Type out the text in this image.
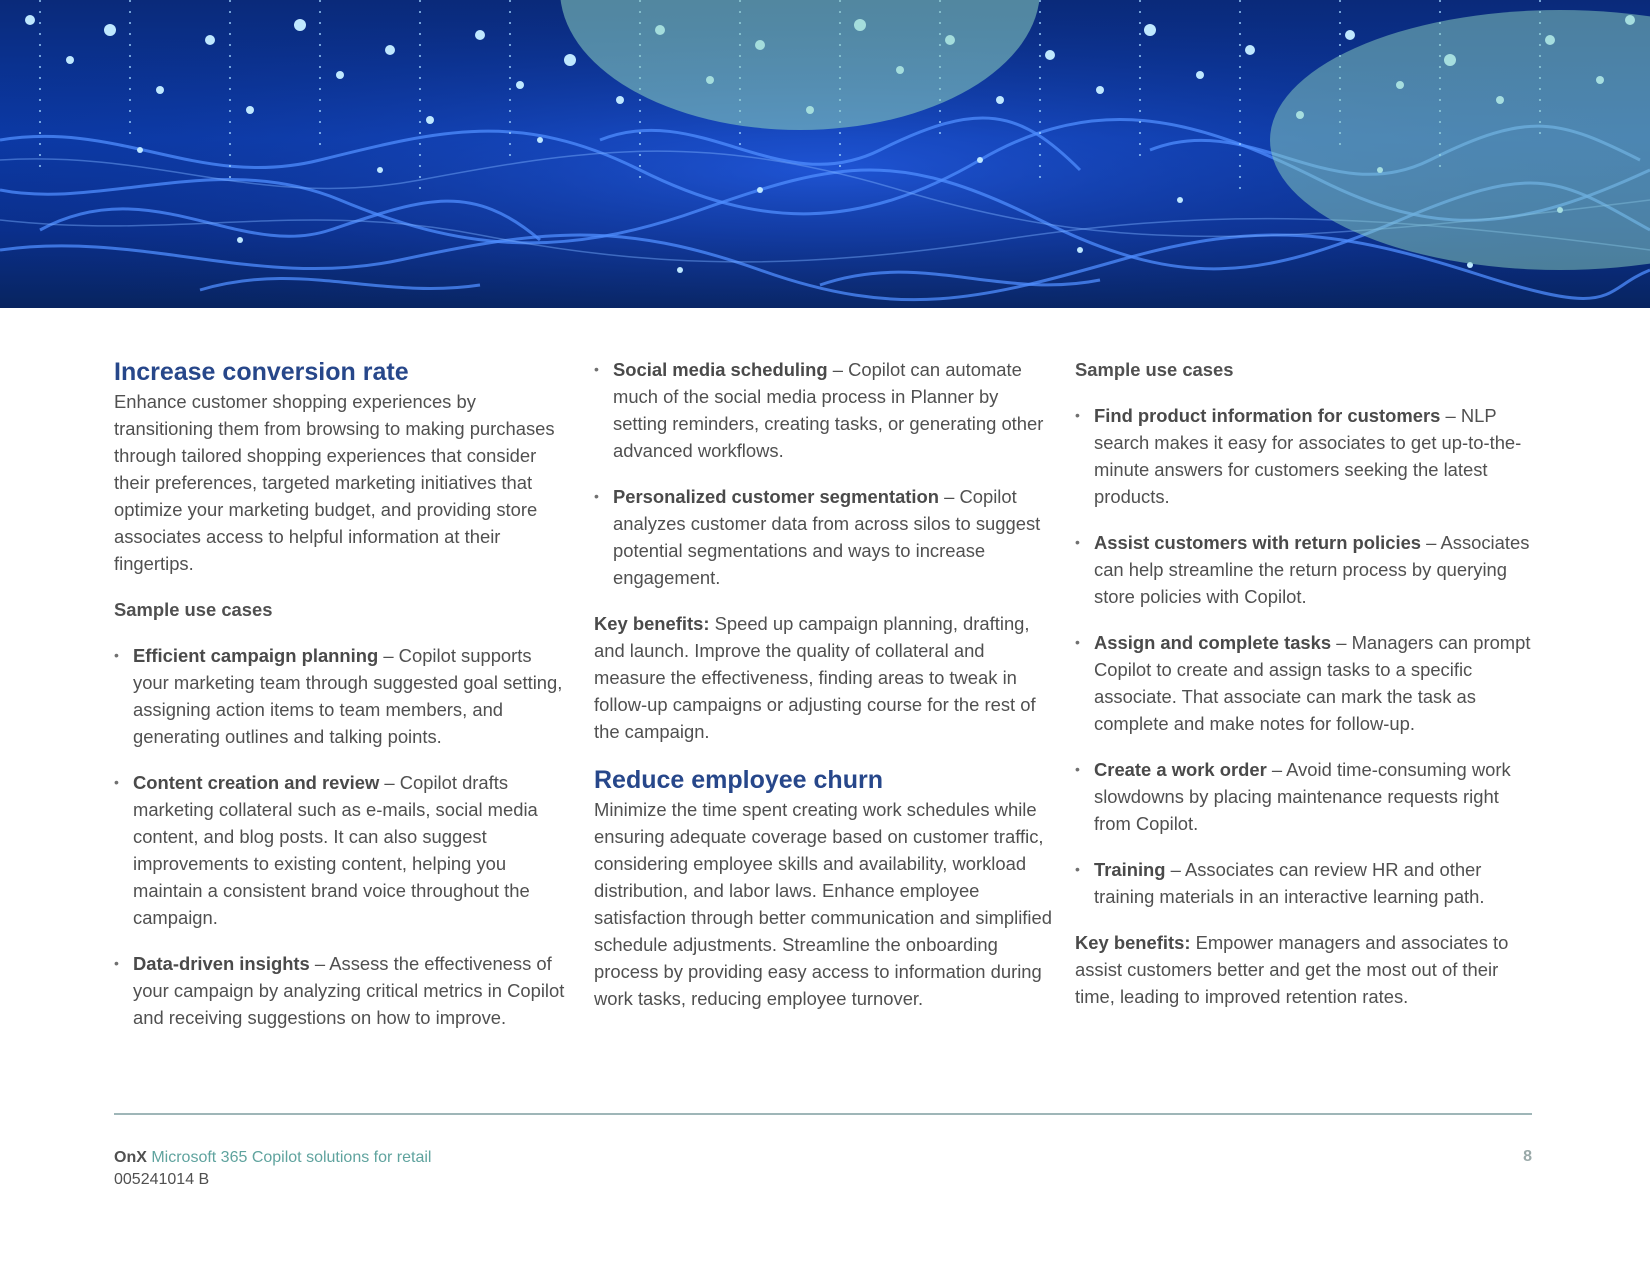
Increase conversion rate

Enhance customer shopping experiences by transitioning them from browsing to making purchases through tailored shopping experiences that consider their preferences, targeted marketing initiatives that optimize your marketing budget, and providing store associates access to helpful information at their fingertips.

Sample use cases
• Efficient campaign planning – Copilot supports your marketing team through suggested goal setting, assigning action items to team members, and generating outlines and talking points.
• Content creation and review – Copilot drafts marketing collateral such as e-mails, social media content, and blog posts. It can also suggest improvements to existing content, helping you maintain a consistent brand voice throughout the campaign.
• Data-driven insights – Assess the effectiveness of your campaign by analyzing critical metrics in Copilot and receiving suggestions on how to improve.
• Social media scheduling – Copilot can automate much of the social media process in Planner by setting reminders, creating tasks, or generating other advanced workflows.
• Personalized customer segmentation – Copilot analyzes customer data from across silos to suggest potential segmentations and ways to increase engagement.

Key benefits: Speed up campaign planning, drafting, and launch. Improve the quality of collateral and measure the effectiveness, finding areas to tweak in follow-up campaigns or adjusting course for the rest of the campaign.

Reduce employee churn

Minimize the time spent creating work schedules while ensuring adequate coverage based on customer traffic, considering employee skills and availability, workload distribution, and labor laws. Enhance employee satisfaction through better communication and simplified schedule adjustments. Streamline the onboarding process by providing easy access to information during work tasks, reducing employee turnover.

Sample use cases
• Find product information for customers – NLP search makes it easy for associates to get up-to-the-minute answers for customers seeking the latest products.
• Assist customers with return policies – Associates can help streamline the return process by querying store policies with Copilot.
• Assign and complete tasks – Managers can prompt Copilot to create and assign tasks to a specific associate. That associate can mark the task as complete and make notes for follow-up.
• Create a work order – Avoid time-consuming work slowdowns by placing maintenance requests right from Copilot.
• Training – Associates can review HR and other training materials in an interactive learning path.

Key benefits: Empower managers and associates to assist customers better and get the most out of their time, leading to improved retention rates.

OnX Microsoft 365 Copilot solutions for retail
005241014 B
8
